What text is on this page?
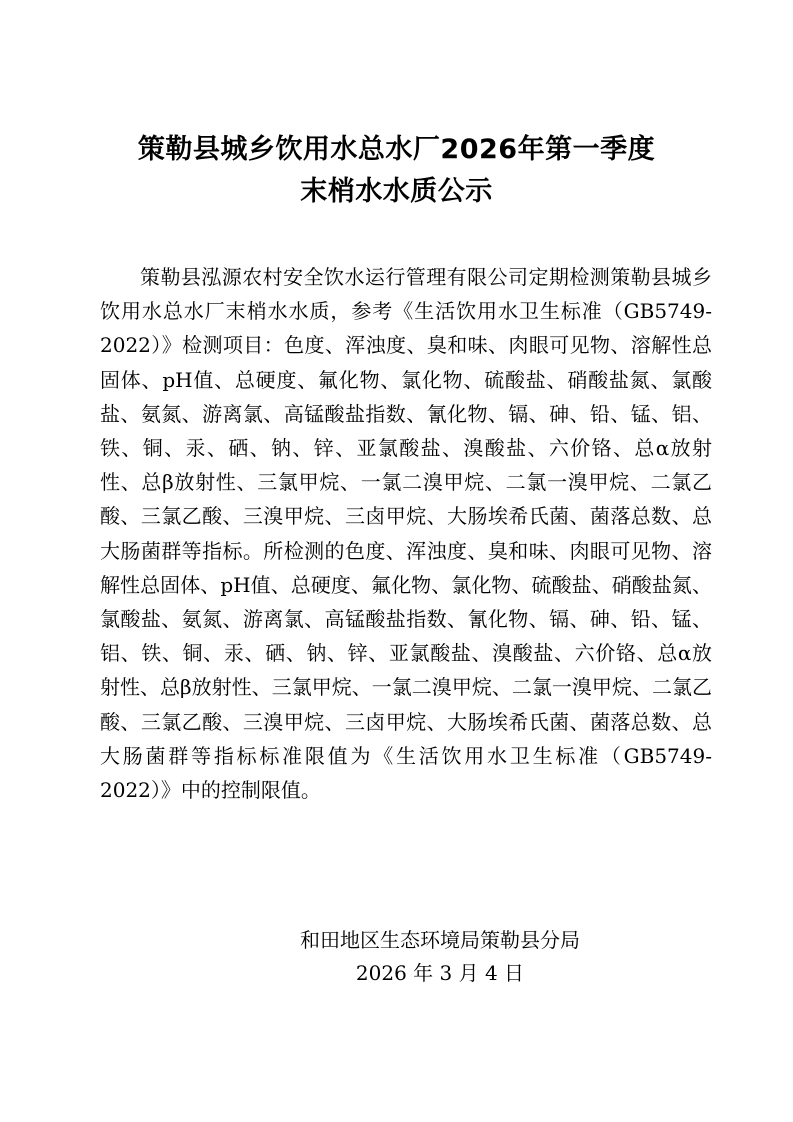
策勒县城乡饮用水总水厂2026年第一季度
末梢水水质公示

策勒县泓源农村安全饮水运行管理有限公司定期检测策勒县城乡饮用水总水厂末梢水水质，参考《生活饮用水卫生标准（GB5749-2022）》检测项目：色度、浑浊度、臭和味、肉眼可见物、溶解性总固体、pH值、总硬度、氟化物、氯化物、硫酸盐、硝酸盐氮、氯酸盐、氨氮、游离氯、高锰酸盐指数、氰化物、镉、砷、铅、锰、铝、铁、铜、汞、硒、钠、锌、亚氯酸盐、溴酸盐、六价铬、总α放射性、总β放射性、三氯甲烷、一氯二溴甲烷、二氯一溴甲烷、二氯乙酸、三氯乙酸、三溴甲烷、三卤甲烷、大肠埃希氏菌、菌落总数、总大肠菌群等指标。所检测的色度、浑浊度、臭和味、肉眼可见物、溶解性总固体、pH值、总硬度、氟化物、氯化物、硫酸盐、硝酸盐氮、氯酸盐、氨氮、游离氯、高锰酸盐指数、氰化物、镉、砷、铅、锰、铝、铁、铜、汞、硒、钠、锌、亚氯酸盐、溴酸盐、六价铬、总α放射性、总β放射性、三氯甲烷、一氯二溴甲烷、二氯一溴甲烷、二氯乙酸、三氯乙酸、三溴甲烷、三卤甲烷、大肠埃希氏菌、菌落总数、总大肠菌群等指标标准限值为《生活饮用水卫生标准（GB5749-2022）》中的控制限值。

和田地区生态环境局策勒县分局
2026 年 3 月 4 日
